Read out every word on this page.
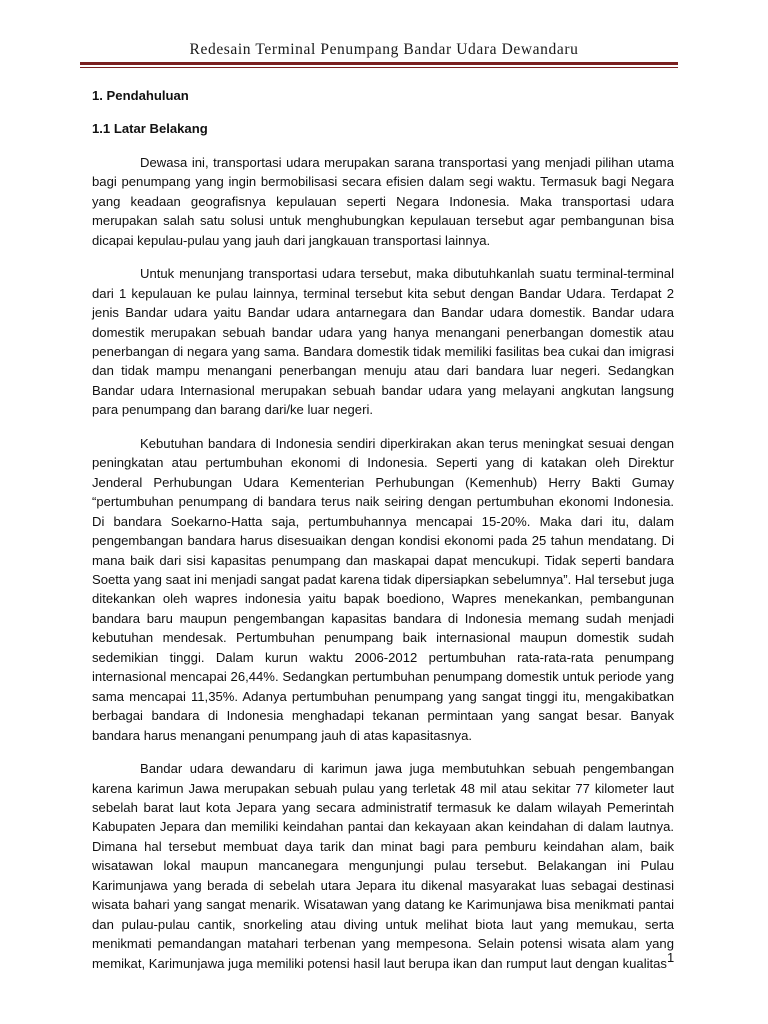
Redesain Terminal Penumpang Bandar Udara Dewandaru
1. Pendahuluan
1.1 Latar Belakang

Dewasa ini, transportasi udara merupakan sarana transportasi yang menjadi pilihan utama bagi penumpang yang ingin bermobilisasi secara efisien dalam segi waktu. Termasuk bagi Negara yang keadaan geografisnya kepulauan seperti Negara Indonesia. Maka transportasi udara merupakan salah satu solusi untuk menghubungkan kepulauan tersebut agar pembangunan bisa dicapai kepulau-pulau yang jauh dari jangkauan transportasi lainnya.

Untuk menunjang transportasi udara tersebut, maka dibutuhkanlah suatu terminal-terminal dari 1 kepulauan ke pulau lainnya, terminal tersebut kita sebut dengan Bandar Udara. Terdapat 2 jenis Bandar udara yaitu Bandar udara antarnegara dan Bandar udara domestik. Bandar udara domestik merupakan sebuah bandar udara yang hanya menangani penerbangan domestik atau penerbangan di negara yang sama. Bandara domestik tidak memiliki fasilitas bea cukai dan imigrasi dan tidak mampu menangani penerbangan menuju atau dari bandara luar negeri. Sedangkan Bandar udara Internasional merupakan sebuah bandar udara yang melayani angkutan langsung para penumpang dan barang dari/ke luar negeri.

Kebutuhan bandara di Indonesia sendiri diperkirakan akan terus meningkat sesuai dengan peningkatan atau pertumbuhan ekonomi di Indonesia. Seperti yang di katakan oleh Direktur Jenderal Perhubungan Udara Kementerian Perhubungan (Kemenhub) Herry Bakti Gumay “pertumbuhan penumpang di bandara terus naik seiring dengan pertumbuhan ekonomi Indonesia. Di bandara Soekarno-Hatta saja, pertumbuhannya mencapai 15-20%. Maka dari itu, dalam pengembangan bandara harus disesuaikan dengan kondisi ekonomi pada 25 tahun mendatang. Di mana baik dari sisi kapasitas penumpang dan maskapai dapat mencukupi. Tidak seperti bandara Soetta yang saat ini menjadi sangat padat karena tidak dipersiapkan sebelumnya”. Hal tersebut juga ditekankan oleh wapres indonesia yaitu bapak boediono, Wapres menekankan, pembangunan bandara baru maupun pengembangan kapasitas bandara di Indonesia memang sudah menjadi kebutuhan mendesak. Pertumbuhan penumpang baik internasional maupun domestik sudah sedemikian tinggi. Dalam kurun waktu 2006-2012 pertumbuhan rata-rata-rata penumpang internasional mencapai 26,44%. Sedangkan pertumbuhan penumpang domestik untuk periode yang sama mencapai 11,35%. Adanya pertumbuhan penumpang yang sangat tinggi itu, mengakibatkan berbagai bandara di Indonesia menghadapi tekanan permintaan yang sangat besar. Banyak bandara harus menangani penumpang jauh di atas kapasitasnya.

Bandar udara dewandaru di karimun jawa juga membutuhkan sebuah pengembangan karena karimun Jawa merupakan sebuah pulau yang terletak 48 mil atau sekitar 77 kilometer laut sebelah barat laut kota Jepara yang secara administratif termasuk ke dalam wilayah Pemerintah Kabupaten Jepara dan memiliki keindahan pantai dan kekayaan akan keindahan di dalam lautnya. Dimana hal tersebut membuat daya tarik dan minat bagi para pemburu keindahan alam, baik wisatawan lokal maupun mancanegara mengunjungi pulau tersebut. Belakangan ini Pulau Karimunjawa yang berada di sebelah utara Jepara itu dikenal masyarakat luas sebagai destinasi wisata bahari yang sangat menarik. Wisatawan yang datang ke Karimunjawa bisa menikmati pantai dan pulau-pulau cantik, snorkeling atau diving untuk melihat biota laut yang memukau, serta menikmati pemandangan matahari terbenan yang mempesona. Selain potensi wisata alam yang memikat, Karimunjawa juga memiliki potensi hasil laut berupa ikan dan rumput laut dengan kualitas 1
